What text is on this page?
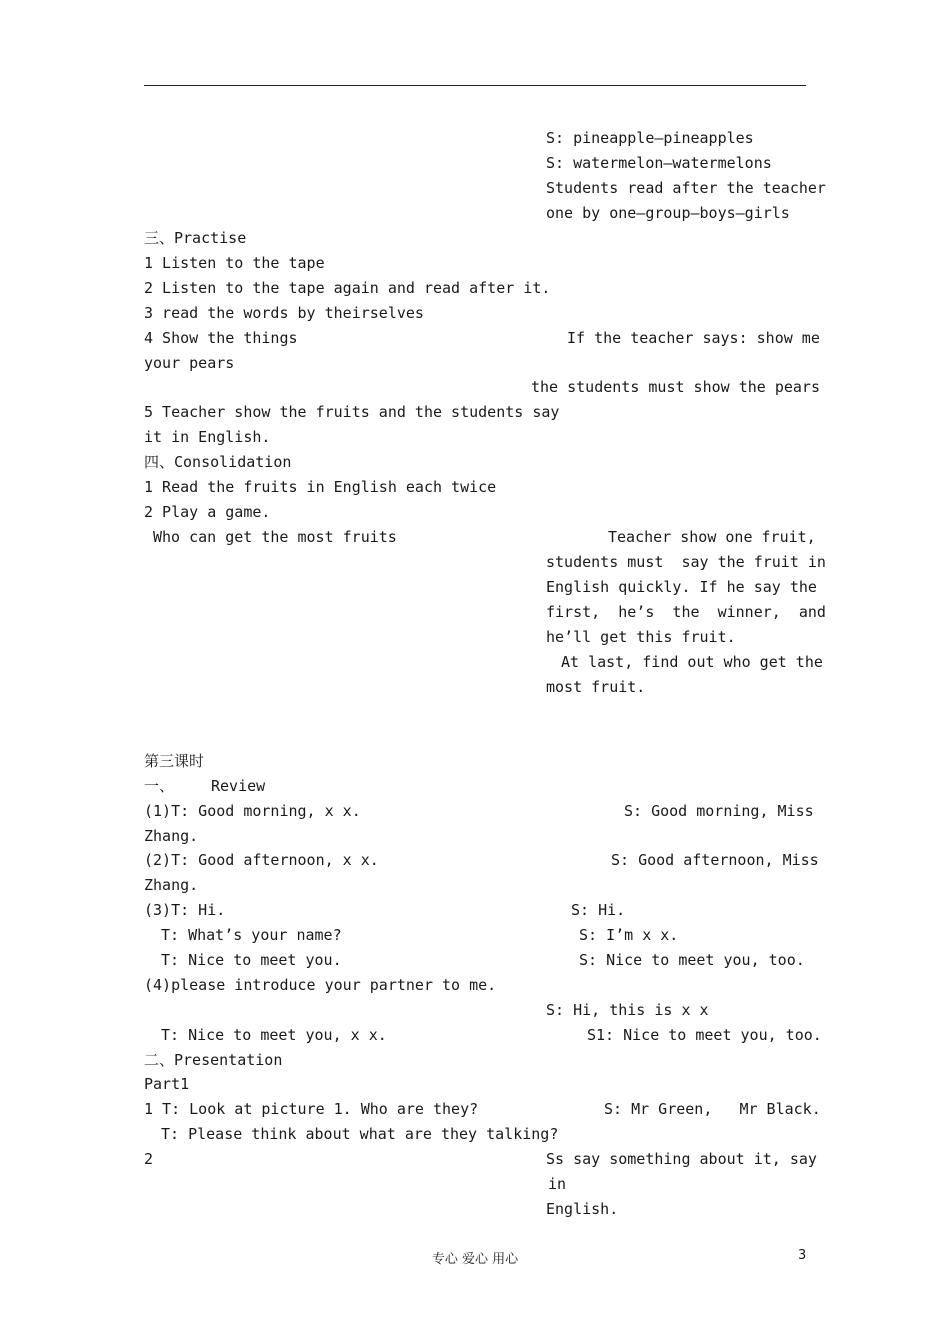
S: pineapple—pineapples
S: watermelon—watermelons
Students read after the teacher
one by one—group—boys—girls
三、Practise
1 Listen to the tape
2 Listen to the tape again and read after it.
3 read the words by theirselves
4 Show the things	If the teacher says: show me
your pears
the students must show the pears
5 Teacher show the fruits and the students say
it in English.
四、Consolidation
1 Read the fruits in English each twice
2 Play a game.
Who can get the most fruits	Teacher show one fruit,
students must  say the fruit in
English quickly. If he say the
first,  he’s  the  winner,  and
he’ll get this fruit.
At last, find out who get the
most fruit.
第三课时
一、 Review
(1)T: Good morning, x x.	S: Good morning, Miss
Zhang.
(2)T: Good afternoon, x x.	S: Good afternoon, Miss
Zhang.
(3)T: Hi.	S: Hi.
T: What’s your name?	S: I’m x x.
T: Nice to meet you.	S: Nice to meet you, too.
(4)please introduce your partner to me.
S: Hi, this is x x
T: Nice to meet you, x x.	S1: Nice to meet you, too.
二、Presentation
Part1
1 T: Look at picture 1. Who are they?	S: Mr Green,   Mr Black.
T: Please think about what are they talking?
2	Ss say something about it, say
in
English.
专心 爱心 用心	3
